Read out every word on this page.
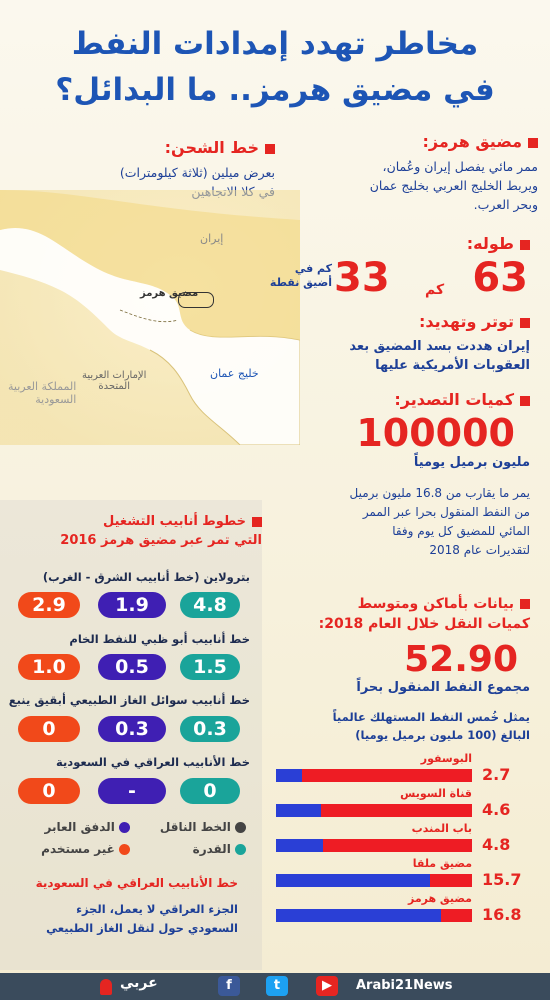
مخاطر تهدد إمدادات النفط
في مضيق هرمز.. ما البدائل؟
مضيق هرمز:
ممر مائي يفصل إيران وعُمان،
ويربط الخليج العربي بخليج عمان
وبحر العرب.
خط الشحن:
بعرض ميلين (ثلاثة كيلومترات)
إيران
مضيق هرمز
الإمارات العربية
المتحدة
المملكة العربية
السعودية
خليج عمان
طوله:
63
كم
33
كم في
أضيق نقطة
توتر وتهديد:
إيران هددت بسد المضيق بعد
العقوبات الأمريكية عليها
كميات التصدير:
100000
مليون برميل يومياً
يمر ما يقارب من 16.8 مليون برميل
من النفط المنقول بحرا عبر الممر
المائي للمضيق كل يوم وفقا
لتقديرات عام 2018
خطوط أنابيب التشغيل
التي تمر عبر مضيق هرمز 2016
بترولاين (خط أنابيب الشرق - الغرب)
4.8
1.9
2.9
خط أنابيب أبو ظبي للنفط الخام
1.5
0.5
1.0
خط أنابيب سوائل الغاز الطبيعي أبقيق ينبع
0.3
0.3
0
خط الأنابيب العراقي في السعودية
0
-
0
الخط الناقل
الدفق العابر
القدرة
غير مستخدم
خط الأنابيب العراقي في السعودية
الجزء العراقي لا يعمل، الجزء
السعودي حول لنقل الغاز الطبيعي
بيانات بأماكن ومتوسط
كميات النقل خلال العام 2018:
52.90
مجموع النفط المنقول بحراً
يمثل خُمس النفط المستهلك عالمياً
البالغ (100 مليون برميل يوميا)
البوسفور
2.7
قناة السويس
4.6
باب المندب
4.8
مضيق ملقا
15.7
مضيق هرمز
16.8
عربي	f	t	▶	Arabi21News
